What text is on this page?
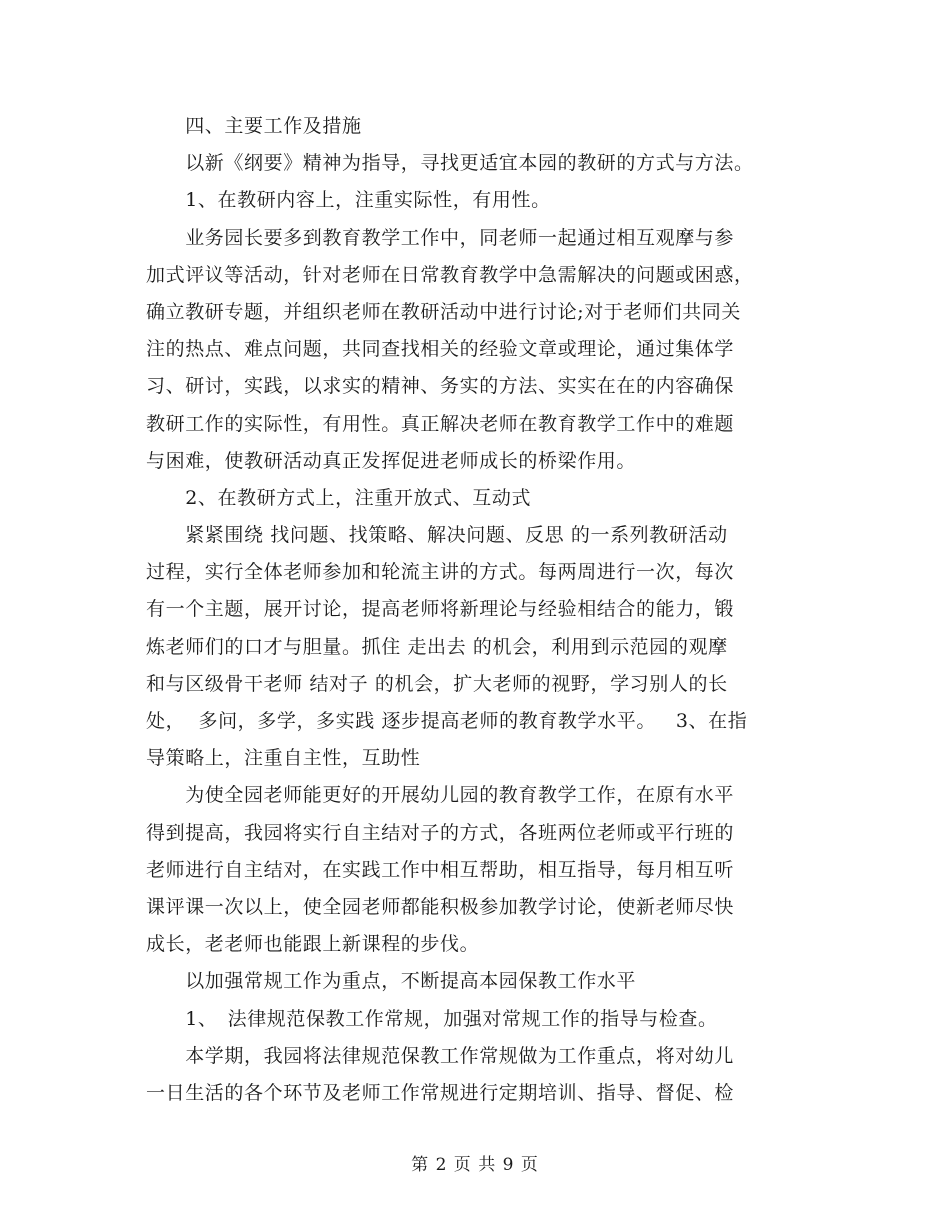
　　四、主要工作及措施
　　以新《纲要》精神为指导，寻找更适宜本园的教研的方式与方法。
　　1、在教研内容上，注重实际性，有用性。
　　业务园长要多到教育教学工作中，同老师一起通过相互观摩与参
加式评议等活动，针对老师在日常教育教学中急需解决的问题或困惑，
确立教研专题，并组织老师在教研活动中进行讨论;对于老师们共同关
注的热点、难点问题，共同查找相关的经验文章或理论，通过集体学
习、研讨，实践，以求实的精神、务实的方法、实实在在的内容确保
教研工作的实际性，有用性。真正解决老师在教育教学工作中的难题
与困难，使教研活动真正发挥促进老师成长的桥梁作用。
　　2、在教研方式上，注重开放式、互动式
　　紧紧围绕 找问题、找策略、解决问题、反思 的一系列教研活动
过程，实行全体老师参加和轮流主讲的方式。每两周进行一次，每次
有一个主题，展开讨论，提高老师将新理论与经验相结合的能力，锻
炼老师们的口才与胆量。抓住 走出去 的机会，利用到示范园的观摩
和与区级骨干老师 结对子 的机会，扩大老师的视野，学习别人的长
处，  多问，多学，多实践 逐步提高老师的教育教学水平。   3、在指
导策略上，注重自主性，互助性
　　为使全园老师能更好的开展幼儿园的教育教学工作，在原有水平
得到提高，我园将实行自主结对子的方式，各班两位老师或平行班的
老师进行自主结对，在实践工作中相互帮助，相互指导，每月相互听
课评课一次以上，使全园老师都能积极参加教学讨论，使新老师尽快
成长，老老师也能跟上新课程的步伐。
　　以加强常规工作为重点，不断提高本园保教工作水平
　　1、　法律规范保教工作常规，加强对常规工作的指导与检查。
　　本学期，我园将法律规范保教工作常规做为工作重点，将对幼儿
一日生活的各个环节及老师工作常规进行定期培训、指导、督促、检
第 2 页 共 9 页
